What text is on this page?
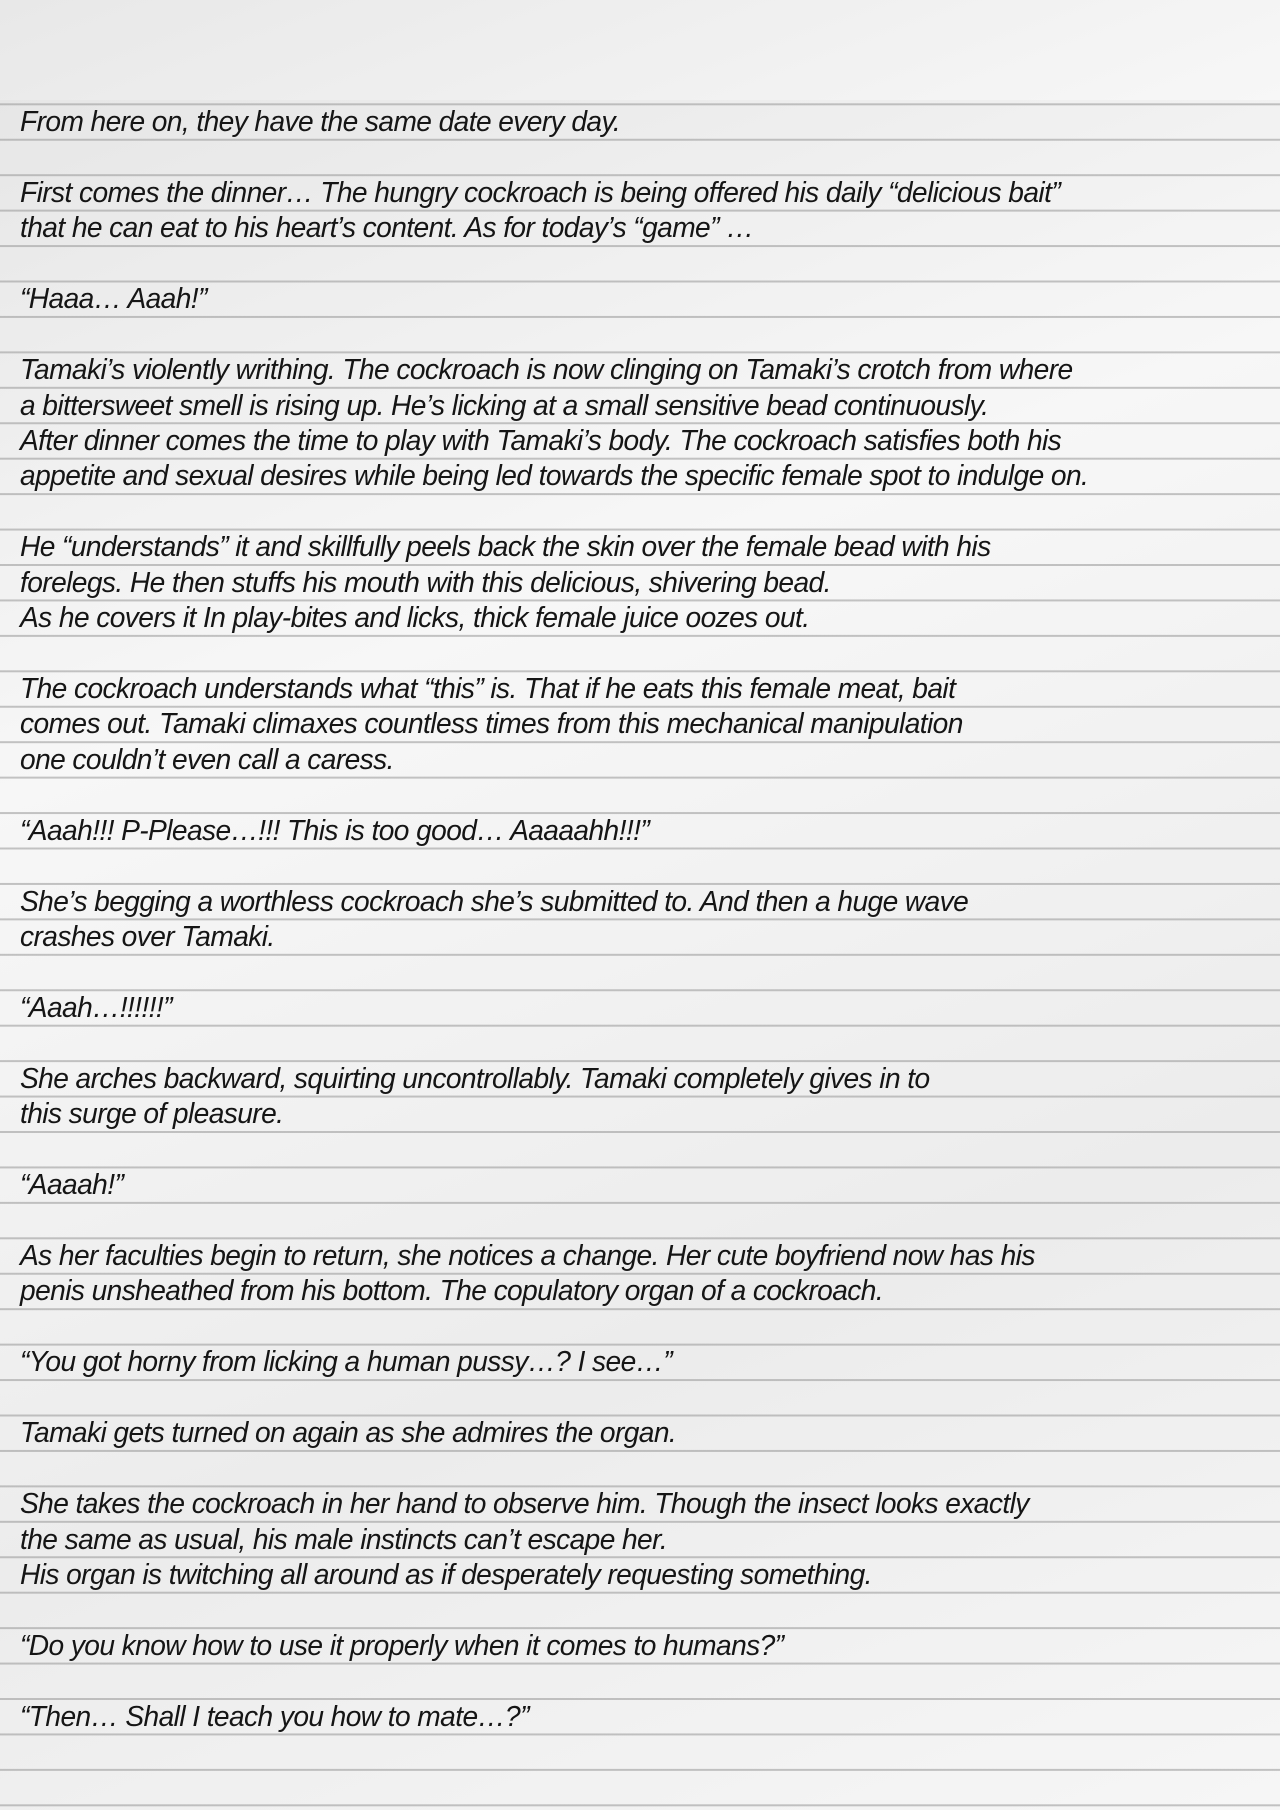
From here on, they have the same date every day.
First comes the dinner… The hungry cockroach is being offered his daily “delicious bait”
that he can eat to his heart’s content. As for today’s “game” …
“Haaa… Aaah!”
Tamaki’s violently writhing. The cockroach is now clinging on Tamaki’s crotch from where
a bittersweet smell is rising up. He’s licking at a small sensitive bead continuously.
After dinner comes the time to play with Tamaki’s body. The cockroach satisfies both his
appetite and sexual desires while being led towards the specific female spot to indulge on.
He “understands” it and skillfully peels back the skin over the female bead with his
forelegs. He then stuffs his mouth with this delicious, shivering bead.
As he covers it In play-bites and licks, thick female juice oozes out.
The cockroach understands what “this” is. That if he eats this female meat, bait
comes out. Tamaki climaxes countless times from this mechanical manipulation
one couldn’t even call a caress.
“Aaah!!! P-Please…!!! This is too good… Aaaaahh!!!”
She’s begging a worthless cockroach she’s submitted to. And then a huge wave
crashes over Tamaki.
“Aaah…!!!!!!”
She arches backward, squirting uncontrollably. Tamaki completely gives in to
this surge of pleasure.
“Aaaah!”
As her faculties begin to return, she notices a change. Her cute boyfriend now has his
penis unsheathed from his bottom. The copulatory organ of a cockroach.
“You got horny from licking a human pussy…? I see…”
Tamaki gets turned on again as she admires the organ.
She takes the cockroach in her hand to observe him. Though the insect looks exactly
the same as usual, his male instincts can’t escape her.
His organ is twitching all around as if desperately requesting something.
“Do you know how to use it properly when it comes to humans?”
“Then… Shall I teach you how to mate…?”
